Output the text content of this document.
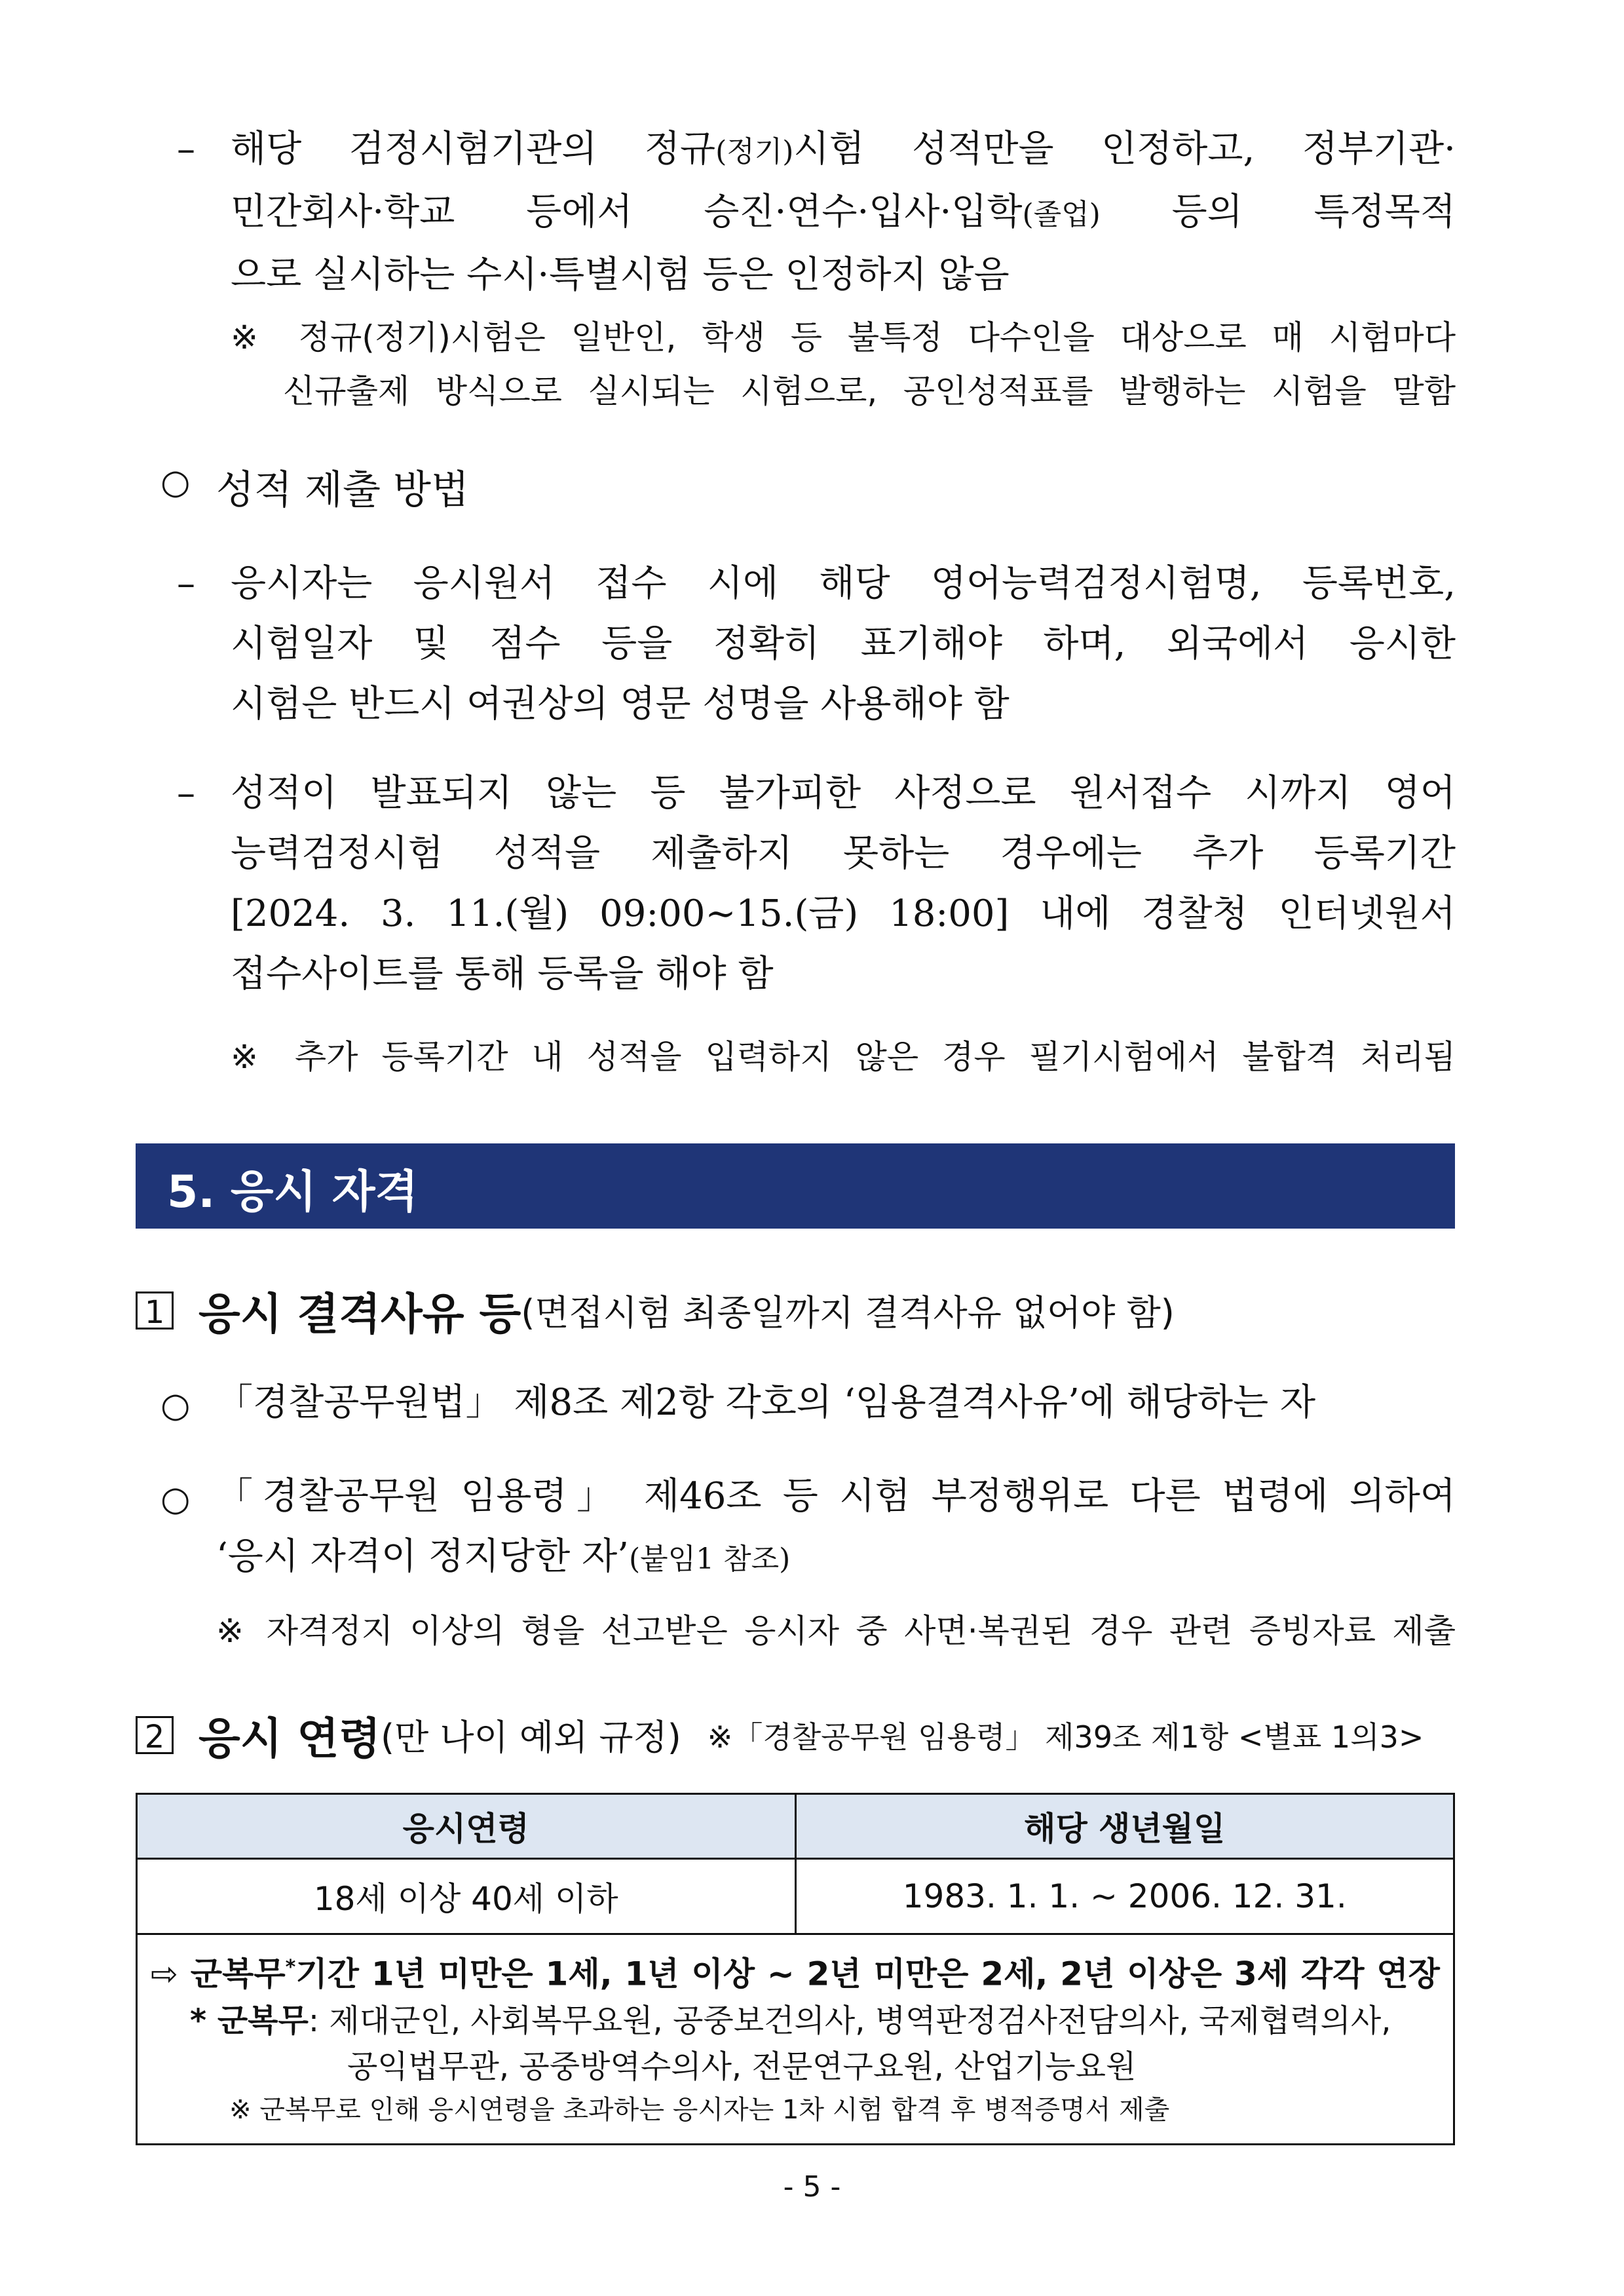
– 해당 검정시험기관의 정규(정기)시험 성적만을 인정하고, 정부기관·
민간회사·학교 등에서 승진·연수·입사·입학(졸업) 등의 특정목적
으로 실시하는 수시·특별시험 등은 인정하지 않음
※ 정규(정기)시험은 일반인, 학생 등 불특정 다수인을 대상으로 매 시험마다
신규출제 방식으로 실시되는 시험으로, 공인성적표를 발행하는 시험을 말함
○ 성적 제출 방법
– 응시자는 응시원서 접수 시에 해당 영어능력검정시험명, 등록번호,
시험일자 및 점수 등을 정확히 표기해야 하며, 외국에서 응시한
시험은 반드시 여권상의 영문 성명을 사용해야 함
– 성적이 발표되지 않는 등 불가피한 사정으로 원서접수 시까지 영어
능력검정시험 성적을 제출하지 못하는 경우에는 추가 등록기간
[2024. 3. 11.(월) 09:00∼15.(금) 18:00] 내에 경찰청 인터넷원서
접수사이트를 통해 등록을 해야 함
※ 추가 등록기간 내 성적을 입력하지 않은 경우 필기시험에서 불합격 처리됨
5. 응시 자격
1 응시 결격사유 등(면접시험 최종일까지 결격사유 없어야 함)
○ 「경찰공무원법」 제8조 제2항 각호의 ‘임용결격사유’에 해당하는 자
○ 「경찰공무원 임용령」 제46조 등 시험 부정행위로 다른 법령에 의하여
‘응시 자격이 정지당한 자’(붙임1 참조)
※ 자격정지 이상의 형을 선고받은 응시자 중 사면·복권된 경우 관련 증빙자료 제출
2 응시 연령(만 나이 예외 규정) ※「경찰공무원 임용령」 제39조 제1항 <별표 1의3>
응시연령	해당 생년월일
18세 이상 40세 이하	1983. 1. 1. ~ 2006. 12. 31.

⇨ 군복무*기간 1년 미만은 1세, 1년 이상 ~ 2년 미만은 2세, 2년 이상은 3세 각각 연장
* 군복무: 제대군인, 사회복무요원, 공중보건의사, 병역판정검사전담의사, 국제협력의사,
공익법무관, 공중방역수의사, 전문연구요원, 산업기능요원
※ 군복무로 인해 응시연령을 초과하는 응시자는 1차 시험 합격 후 병적증명서 제출	
- 5 -
